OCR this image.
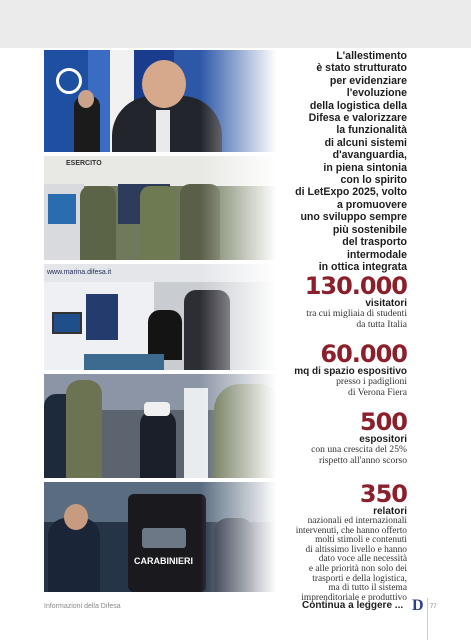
ESERCITO
www.marina.difesa.it
CARABINIERI
L'allestimento
è stato strutturato
per evidenziare
l'evoluzione
della logistica della
Difesa e valorizzare
la funzionalità
di alcuni sistemi
d'avanguardia,
in piena sintonia
con lo spirito
di LetExpo 2025, volto
a promuovere
uno sviluppo sempre
più sostenibile
del trasporto
intermodale
in ottica integrata
130.000
visitatori
tra cui migliaia di studenti
da tutta Italia
60.000
mq di spazio espositivo
presso i padiglioni
di Verona Fiera
500
espositori
con una crescita del 25%
rispetto all'anno scorso
350
relatori
nazionali ed internazionali
intervenuti, che hanno offerto
molti stimoli e contenuti
di altissimo livello e hanno
dato voce alle necessità
e alle priorità non solo dei
trasporti e della logistica,
ma di tutto il sistema
imprenditoriale e produttivo
Informazioni della Difesa	Continua a leggere ... D 77
